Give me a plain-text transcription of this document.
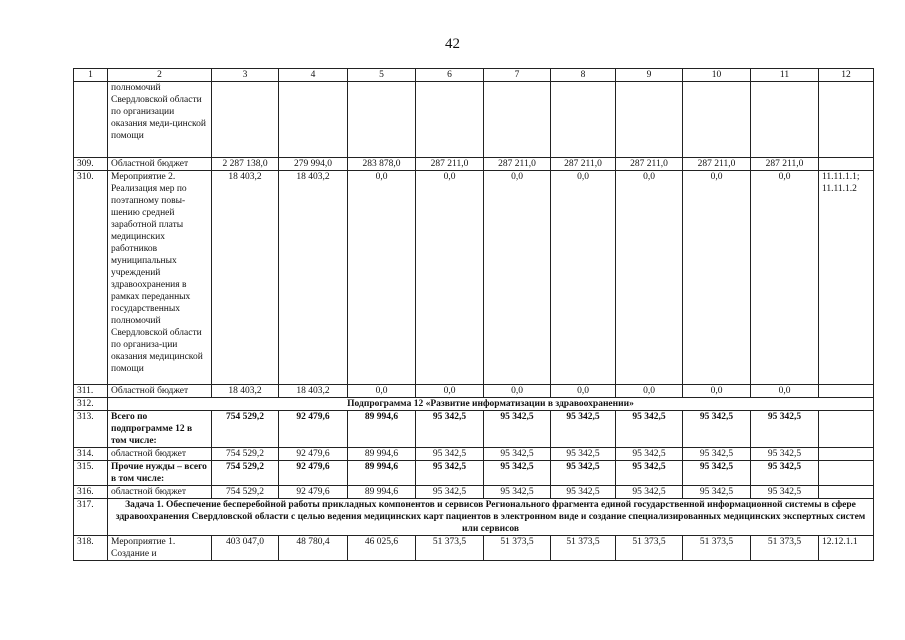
42
1	2	3	4	5	6	7	8	9	10	11	12
	полномочий Свердловской области по организации оказания меди-цинской помощи										
309.	Областной бюджет	2 287 138,0	279 994,0	283 878,0	287 211,0	287 211,0	287 211,0	287 211,0	287 211,0	287 211,0	
310.	Мероприятие 2. Реализация мер по поэтапному повы-шению средней заработной платы медицинских работников муниципальных учреждений здравоохранения в рамках переданных государственных полномочий Свердловской области по организа-ции оказания медицинской помощи	18 403,2	18 403,2	0,0	0,0	0,0	0,0	0,0	0,0	0,0	11.11.1.1; 11.11.1.2
311.	Областной бюджет	18 403,2	18 403,2	0,0	0,0	0,0	0,0	0,0	0,0	0,0	
312.	Подпрограмма 12 «Развитие информатизации в здравоохранении»										
313.	Всего по подпрограмме 12 в том числе:	754 529,2	92 479,6	89 994,6	95 342,5	95 342,5	95 342,5	95 342,5	95 342,5	95 342,5	
314.	областной бюджет	754 529,2	92 479,6	89 994,6	95 342,5	95 342,5	95 342,5	95 342,5	95 342,5	95 342,5	
315.	Прочие нужды – всего в том числе:	754 529,2	92 479,6	89 994,6	95 342,5	95 342,5	95 342,5	95 342,5	95 342,5	95 342,5	
316.	областной бюджет	754 529,2	92 479,6	89 994,6	95 342,5	95 342,5	95 342,5	95 342,5	95 342,5	95 342,5	
317.	Задача 1. Обеспечение бесперебойной работы прикладных компонентов и сервисов Регионального фрагмента единой государственной информационной системы в сфере здравоохранения Свердловской области с целью ведения медицинских карт пациентов в электронном виде и создание специализированных медицинских экспертных систем или сервисов										
318.	Мероприятие 1. Создание и	403 047,0	48 780,4	46 025,6	51 373,5	51 373,5	51 373,5	51 373,5	51 373,5	51 373,5	12.12.1.1
